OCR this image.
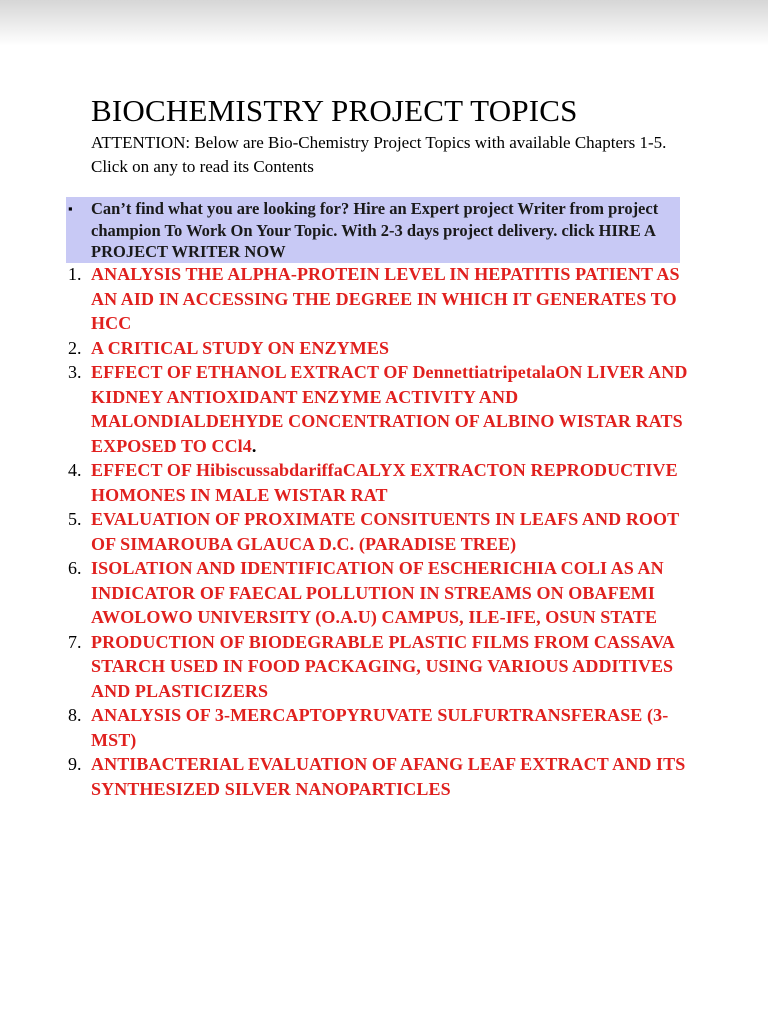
BIOCHEMISTRY PROJECT TOPICS
ATTENTION: Below are Bio-Chemistry Project Topics with available Chapters 1-5. Click on any to read its Contents
▪ Can’t find what you are looking for? Hire an Expert project Writer from project champion To Work On Your Topic. With 2-3 days project delivery. click HIRE A PROJECT WRITER NOW
1. ANALYSIS THE ALPHA-PROTEIN LEVEL IN HEPATITIS PATIENT AS AN AID IN ACCESSING THE DEGREE IN WHICH IT GENERATES TO HCC
2. A CRITICAL STUDY ON ENZYMES
3. EFFECT OF ETHANOL EXTRACT OF DennettiatripetalaON LIVER AND KIDNEY ANTIOXIDANT ENZYME ACTIVITY AND MALONDIALDEHYDE CONCENTRATION OF ALBINO WISTAR RATS EXPOSED TO CCl4.
4. EFFECT OF HibiscussabdariffaCALYX EXTRACTON REPRODUCTIVE HOMONES IN MALE WISTAR RAT
5. EVALUATION OF PROXIMATE CONSITUENTS IN LEAFS AND ROOT OF SIMAROUBA GLAUCA D.C. (PARADISE TREE)
6. ISOLATION AND IDENTIFICATION OF ESCHERICHIA COLI AS AN INDICATOR OF FAECAL POLLUTION IN STREAMS ON OBAFEMI AWOLOWO UNIVERSITY (O.A.U) CAMPUS, ILE-IFE, OSUN STATE
7. PRODUCTION OF BIODEGRABLE PLASTIC FILMS FROM CASSAVA STARCH USED IN FOOD PACKAGING, USING VARIOUS ADDITIVES AND PLASTICIZERS
8. ANALYSIS OF 3-MERCAPTOPYRUVATE SULFURTRANSFERASE (3-MST)
9. ANTIBACTERIAL EVALUATION OF AFANG LEAF EXTRACT AND ITS SYNTHESIZED SILVER NANOPARTICLES
